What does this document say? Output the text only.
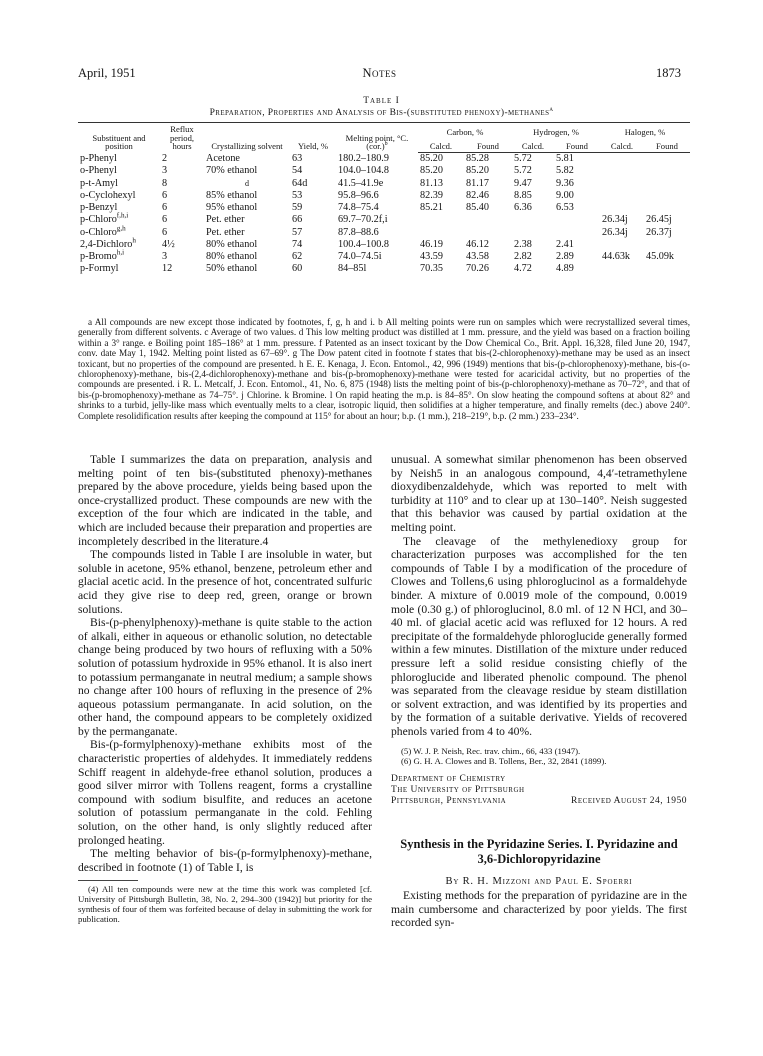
April, 1951	Notes	1873
Table I
Preparation, Properties and Analysis of Bis-(substituted phenoxy)-methanes$^a$
Substituent and position	Reflux period, hours	Crystallizing solvent	Yield, %	Melting point, °C. $(cor.)^b$	Carbon, %		Hydrogen, %		Halogen, %	
					Calcd.	Found	Calcd.	Found	Calcd.	Found
p-Phenyl	2	Acetone	63	180.2–180.9	85.20	85.28	5.72	5.81		
o-Phenyl	3	70% ethanol	54	104.0–104.8	85.20	85.20	5.72	5.82		
p-t-Amyl	8	d	64d	41.5–41.9e	81.13	81.17	9.47	9.36		
o-Cyclohexyl	6	85% ethanol	53	95.8–96.6	82.39	82.46	8.85	9.00		
p-Benzyl	6	95% ethanol	59	74.8–75.4	85.21	85.40	6.36	6.53		
p-Chloro$^{f,h,i}$	6	Pet. ether	66	69.7–70.2f,i					26.34j	26.45j
o-Chloro$^{g,h}$	6	Pet. ether	57	87.8–88.6					26.34j	26.37j
2,4-Dichloro$^h$	4½	80% ethanol	74	100.4–100.8	46.19	46.12	2.38	2.41		
p-Bromo$^{h,i}$	3	80% ethanol	62	74.0–74.5i	43.59	43.58	2.82	2.89	44.63k	45.09k
p-Formyl	12	50% ethanol	60	84–85l	70.35	70.26	4.72	4.89		

a All compounds are new except those indicated by footnotes, f, g, h and i. b All melting points were run on samples which were recrystallized several times, generally from different solvents. c Average of two values. d This low melting product was distilled at 1 mm. pressure, and the yield was based on a fraction boiling within a 3° range. e Boiling point 185–186° at 1 mm. pressure. f Patented as an insect toxicant by the Dow Chemical Co., Brit. Appl. 16,328, filed June 20, 1947, conv. date May 1, 1942. Melting point listed as 67–69°. g The Dow patent cited in footnote f states that bis-(2-chlorophenoxy)-methane may be used as an insect toxicant, but no properties of the compound are presented. h E. E. Kenaga, J. Econ. Entomol., 42, 996 (1949) mentions that bis-(p-chlorophenoxy)-methane, bis-(o-chlorophenoxy)-methane, bis-(2,4-dichlorophenoxy)-methane and bis-(p-bromophenoxy)-methane were tested for acaricidal activity, but no properties of the compounds are presented. i R. L. Metcalf, J. Econ. Entomol., 41, No. 6, 875 (1948) lists the melting point of bis-(p-chlorophenoxy)-methane as 70–72°, and that of bis-(p-bromophenoxy)-methane as 74–75°. j Chlorine. k Bromine. l On rapid heating the m.p. is 84–85°. On slow heating the compound softens at about 82° and shrinks to a turbid, jelly-like mass which eventually melts to a clear, isotropic liquid, then solidifies at a higher temperature, and finally remelts (dec.) above 240°. Complete resolidification results after keeping the compound at 115° for about an hour; b.p. (1 mm.), 218–219°, b.p. (2 mm.) 233–234°.

Table I summarizes the data on preparation, analysis and melting point of ten bis-(substituted phenoxy)-methanes prepared by the above procedure, yields being based upon the once-crystallized product. These compounds are new with the exception of the four which are indicated in the table, and which are included because their preparation and properties are incompletely described in the literature.4

The compounds listed in Table I are insoluble in water, but soluble in acetone, 95% ethanol, benzene, petroleum ether and glacial acetic acid. In the presence of hot, concentrated sulfuric acid they give rise to deep red, green, orange or brown solutions.

Bis-(p-phenylphenoxy)-methane is quite stable to the action of alkali, either in aqueous or ethanolic solution, no detectable change being produced by two hours of refluxing with a 50% solution of potassium hydroxide in 95% ethanol. It is also inert to potassium permanganate in neutral medium; a sample shows no change after 100 hours of refluxing in the presence of 2% aqueous potassium permanganate. In acid solution, on the other hand, the compound appears to be completely oxidized by the permanganate.

Bis-(p-formylphenoxy)-methane exhibits most of the characteristic properties of aldehydes. It immediately reddens Schiff reagent in aldehyde-free ethanol solution, produces a good silver mirror with Tollens reagent, forms a crystalline compound with sodium bisulfite, and reduces an acetone solution of potassium permanganate in the cold. Fehling solution, on the other hand, is only slightly reduced after prolonged heating.

The melting behavior of bis-(p-formylphenoxy)-methane, described in footnote (1) of Table I, is

(4) All ten compounds were new at the time this work was completed [cf. University of Pittsburgh Bulletin, 38, No. 2, 294–300 (1942)] but priority for the synthesis of four of them was forfeited because of delay in submitting the work for publication.

unusual. A somewhat similar phenomenon has been observed by Neish5 in an analogous compound, 4,4′-tetramethylene dioxydibenzaldehyde, which was reported to melt with turbidity at 110° and to clear up at 130–140°. Neish suggested that this behavior was caused by partial oxidation at the melting point.

The cleavage of the methylenedioxy group for characterization purposes was accomplished for the ten compounds of Table I by a modification of the procedure of Clowes and Tollens,6 using phloroglucinol as a formaldehyde binder. A mixture of 0.0019 mole of the compound, 0.0019 mole (0.30 g.) of phloroglucinol, 8.0 ml. of 12 N HCl, and 30–40 ml. of glacial acetic acid was refluxed for 12 hours. A red precipitate of the formaldehyde phloroglucide generally formed within a few minutes. Distillation of the mixture under reduced pressure left a solid residue consisting chiefly of the phloroglucide and liberated phenolic compound. The phenol was separated from the cleavage residue by steam distillation or solvent extraction, and was identified by its properties and by the formation of a suitable derivative. Yields of recovered phenols varied from 4 to 40%.

(5) W. J. P. Neish, Rec. trav. chim., 66, 433 (1947).

(6) G. H. A. Clowes and B. Tollens, Ber., 32, 2841 (1899).

Department of Chemistry
The University of Pittsburgh
Pittsburgh, Pennsylvania	Received August 24, 1950
Synthesis in the Pyridazine Series. I. Pyridazine and 3,6-Dichloropyridazine
By R. H. Mizzoni and Paul E. Spoerri

Existing methods for the preparation of pyridazine are in the main cumbersome and characterized by poor yields. The first recorded syn-
